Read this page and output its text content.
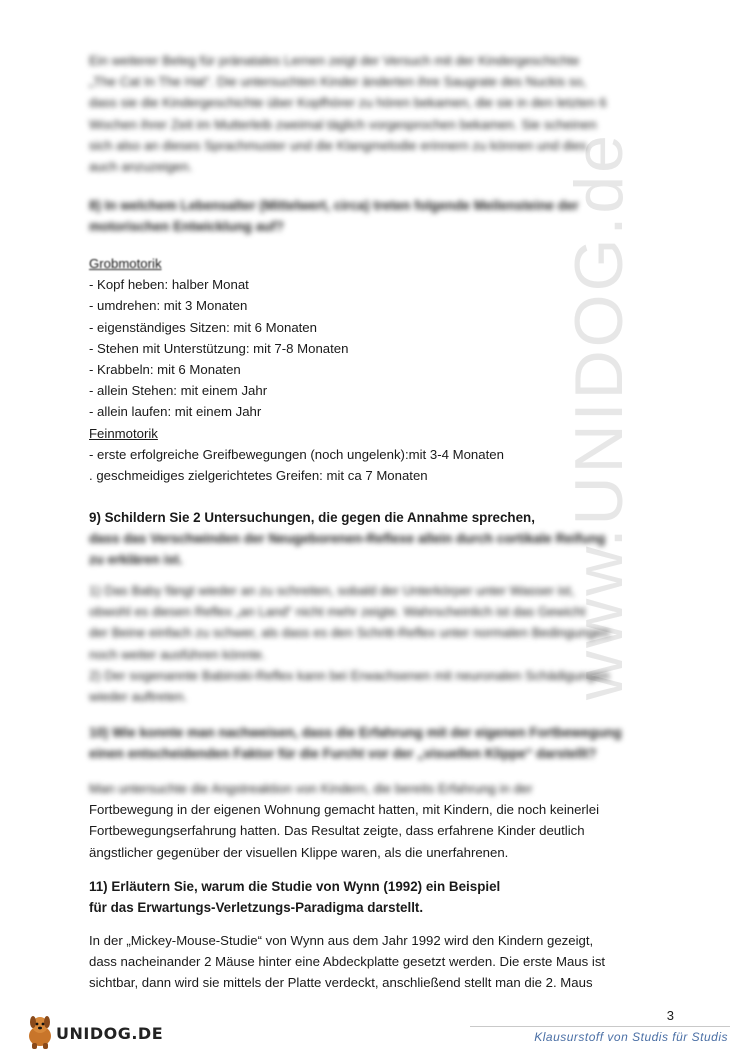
www.UNIDOG.de
Ein weiterer Beleg für pränatales Lernen zeigt der Versuch mit der Kindergeschichte
„The Cat In The Hat“. Die untersuchten Kinder änderten ihre Saugrate des Nuckis so,
dass sie die Kindergeschichte über Kopfhörer zu hören bekamen, die sie in den letzten 6
Wochen ihrer Zeit im Mutterleib zweimal täglich vorgesprochen bekamen. Sie scheinen
sich also an dieses Sprachmuster und die Klangmelodie erinnern zu können und dies
auch anzuzeigen.
8) In welchem Lebensalter (Mittelwert, circa) treten folgende Meilensteine der
motorischen Entwicklung auf?
Grobmotorik
- Kopf heben: halber Monat
- umdrehen: mit 3 Monaten
- eigenständiges Sitzen: mit 6 Monaten
- Stehen mit Unterstützung: mit 7-8 Monaten
- Krabbeln: mit 6 Monaten
- allein Stehen: mit einem Jahr
- allein laufen: mit einem Jahr
Feinmotorik
- erste erfolgreiche Greifbewegungen (noch ungelenk):mit 3-4 Monaten
. geschmeidiges zielgerichtetes Greifen: mit ca 7 Monaten
9) Schildern Sie 2 Untersuchungen, die gegen die Annahme sprechen,
dass das Verschwinden der Neugeborenen-Reflexe allein durch cortikale Reifung
zu erklären ist.
1) Das Baby fängt wieder an zu schreiten, sobald der Unterkörper unter Wasser ist,
obwohl es diesen Reflex „an Land“ nicht mehr zeigte. Wahrscheinlich ist das Gewicht
der Beine einfach zu schwer, als dass es den Schritt-Reflex unter normalen Bedingungen
noch weiter ausführen könnte.
2) Der sogenannte Babinski-Reflex kann bei Erwachsenen mit neuronalen Schädigungen
wieder auftreten.
10) Wie konnte man nachweisen, dass die Erfahrung mit der eigenen Fortbewegung
einen entscheidenden Faktor für die Furcht vor der „visuellen Klippe“ darstellt?
Man untersuchte die Angstreaktion von Kindern, die bereits Erfahrung in der
Fortbewegung in der eigenen Wohnung gemacht hatten, mit Kindern, die noch keinerlei
Fortbewegungserfahrung hatten. Das Resultat zeigte, dass erfahrene Kinder deutlich
ängstlicher gegenüber der visuellen Klippe waren, als die unerfahrenen.
11) Erläutern Sie, warum die Studie von Wynn (1992) ein Beispiel
für das Erwartungs-Verletzungs-Paradigma darstellt.
In der „Mickey-Mouse-Studie“ von Wynn aus dem Jahr 1992 wird den Kindern gezeigt,
dass nacheinander 2 Mäuse hinter eine Abdeckplatte gesetzt werden. Die erste Maus ist
sichtbar, dann wird sie mittels der Platte verdeckt, anschließend stellt man die 2. Maus
3
Klausurstoff von Studis für Studis
UNIDOG.DE
